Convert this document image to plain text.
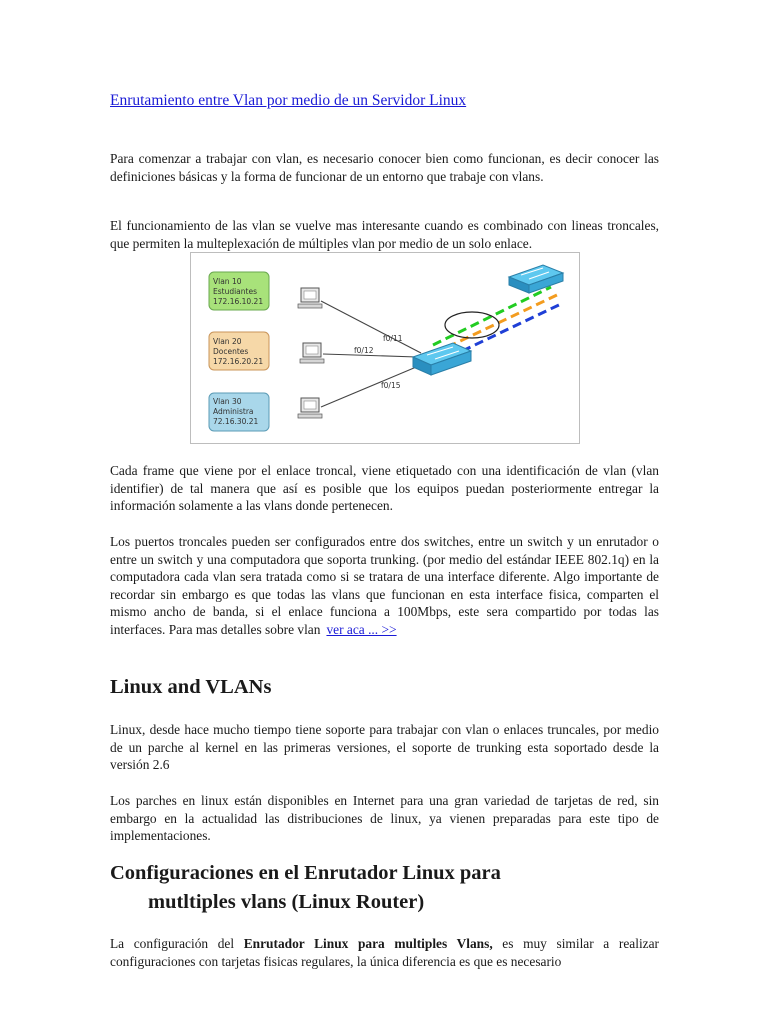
Enrutamiento entre Vlan por medio de un Servidor Linux

Para comenzar a trabajar con vlan, es necesario conocer bien como funcionan, es decir conocer las definiciones básicas y la forma de funcionar de un entorno que trabaje con vlans.

El funcionamiento de las vlan se vuelve mas interesante cuando es combinado con lineas troncales, que permiten la multeplexación de múltiples vlan por medio de un solo enlace.

Vlan 10
Estudiantes
172.16.10.21
Vlan 20
Docentes
172.16.20.21
Vlan 30
Administra
72.16.30.21
f0/11
f0/12
f0/15

Cada frame que viene por el enlace troncal, viene etiquetado con una identificación de vlan (vlan identifier) de tal manera que así es posible que los equipos puedan posteriormente entregar la información solamente a las vlans donde pertenecen.

Los puertos troncales pueden ser configurados entre dos switches, entre un switch y un enrutador o entre un switch y una computadora que soporta trunking. (por medio del estándar IEEE 802.1q) en la computadora cada vlan sera tratada como si se tratara de una interface diferente. Algo importante de recordar sin embargo es que todas las vlans que funcionan en esta interface fisica, comparten el mismo ancho de banda, si el enlace funciona a 100Mbps, este sera compartido por todas las interfaces. Para mas detalles sobre vlan ver aca ... >>

Linux and VLANs

Linux, desde hace mucho tiempo tiene soporte para trabajar con vlan o enlaces truncales, por medio de un parche al kernel en las primeras versiones, el soporte de trunking esta soportado desde la versión 2.6

Los parches en linux están disponibles en Internet para una gran variedad de tarjetas de red, sin embargo en la actualidad las distribuciones de linux, ya vienen preparadas para este tipo de implementaciones.

Configuraciones en el Enrutador Linux para
mutltiples vlans (Linux Router)

La configuración del Enrutador Linux para multiples Vlans, es muy similar a realizar configuraciones con tarjetas fisicas regulares, la única diferencia es que es necesario
